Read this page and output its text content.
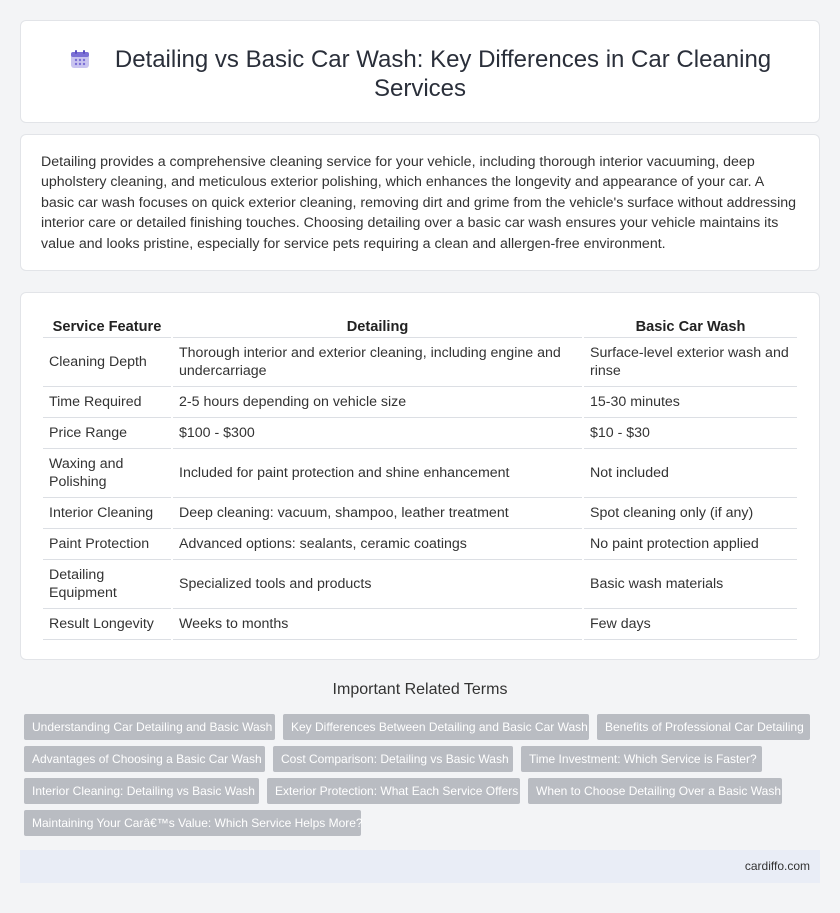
Detailing vs Basic Car Wash: Key Differences in Car Cleaning Services

Detailing provides a comprehensive cleaning service for your vehicle, including thorough interior vacuuming, deep upholstery cleaning, and meticulous exterior polishing, which enhances the longevity and appearance of your car. A basic car wash focuses on quick exterior cleaning, removing dirt and grime from the vehicle's surface without addressing interior care or detailed finishing touches. Choosing detailing over a basic car wash ensures your vehicle maintains its value and looks pristine, especially for service pets requiring a clean and allergen-free environment.

Service Feature	Detailing	Basic Car Wash
Cleaning Depth	Thorough interior and exterior cleaning, including engine and undercarriage	Surface-level exterior wash and rinse
Time Required	2-5 hours depending on vehicle size	15-30 minutes
Price Range	$100 - $300	$10 - $30
Waxing and Polishing	Included for paint protection and shine enhancement	Not included
Interior Cleaning	Deep cleaning: vacuum, shampoo, leather treatment	Spot cleaning only (if any)
Paint Protection	Advanced options: sealants, ceramic coatings	No paint protection applied
Detailing Equipment	Specialized tools and products	Basic wash materials
Result Longevity	Weeks to months	Few days
Important Related Terms
Understanding Car Detailing and Basic Wash	Key Differences Between Detailing and Basic Car Wash	Benefits of Professional Car Detailing
Advantages of Choosing a Basic Car Wash	Cost Comparison: Detailing vs Basic Wash	Time Investment: Which Service is Faster?
Interior Cleaning: Detailing vs Basic Wash	Exterior Protection: What Each Service Offers	When to Choose Detailing Over a Basic Wash
Maintaining Your Carâ€™s Value: Which Service Helps More?
cardiffo.com
